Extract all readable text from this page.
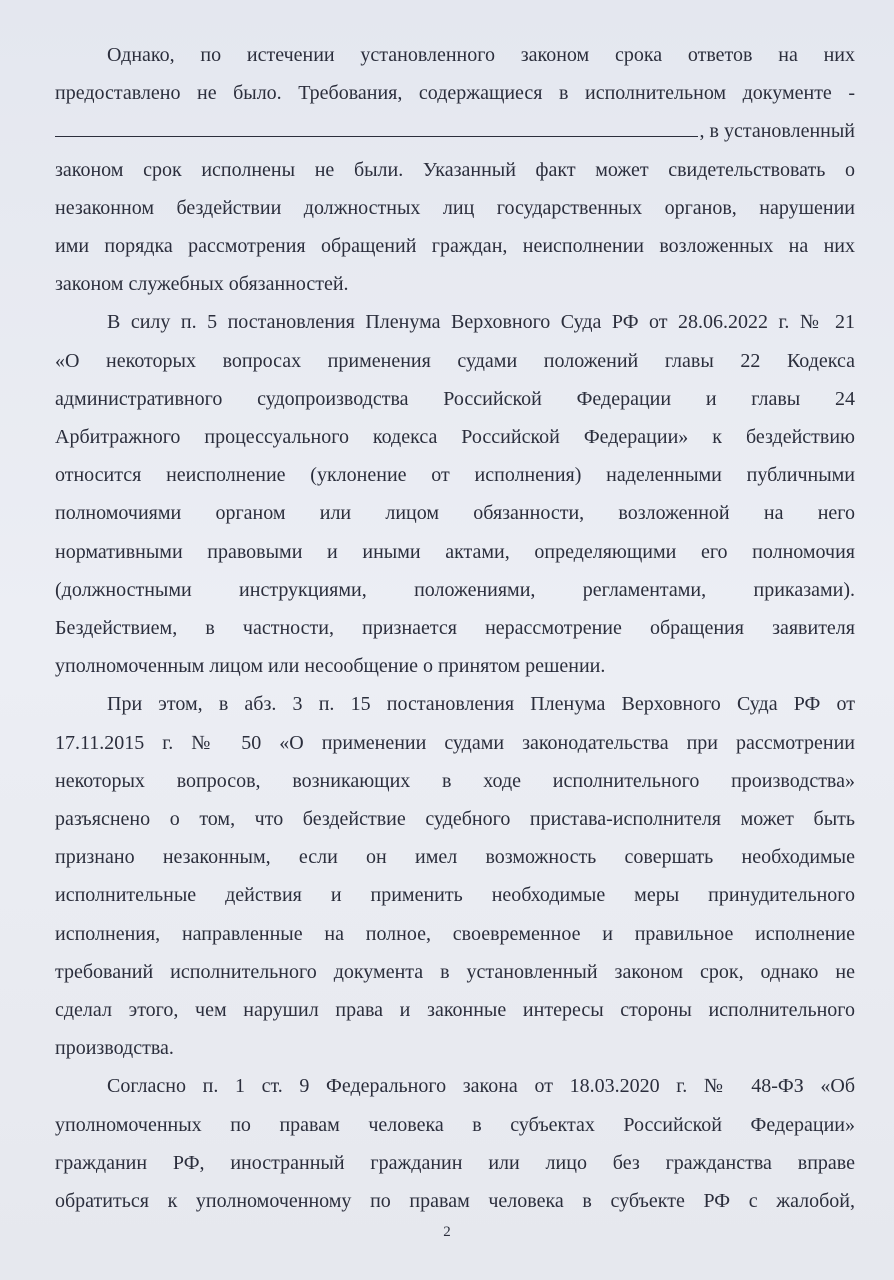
Однако, по истечении установленного законом срока ответов на них
предоставлено не было. Требования, содержащиеся в исполнительном документе -
, в установленный
законом срок исполнены не были. Указанный факт может свидетельствовать о
незаконном бездействии должностных лиц государственных органов, нарушении
ими порядка рассмотрения обращений граждан, неисполнении возложенных на них
законом служебных обязанностей.
В силу п. 5 постановления Пленума Верховного Суда РФ от 28.06.2022 г. № 21
«О некоторых вопросах применения судами положений главы 22 Кодекса
административного судопроизводства Российской Федерации и главы 24
Арбитражного процессуального кодекса Российской Федерации» к бездействию
относится неисполнение (уклонение от исполнения) наделенными публичными
полномочиями органом или лицом обязанности, возложенной на него
нормативными правовыми и иными актами, определяющими его полномочия
(должностными инструкциями, положениями, регламентами, приказами).
Бездействием, в частности, признается нерассмотрение обращения заявителя
уполномоченным лицом или несообщение о принятом решении.
При этом, в абз. 3 п. 15 постановления Пленума Верховного Суда РФ от
17.11.2015 г. № 50 «О применении судами законодательства при рассмотрении
некоторых вопросов, возникающих в ходе исполнительного производства»
разъяснено о том, что бездействие судебного пристава-исполнителя может быть
признано незаконным, если он имел возможность совершать необходимые
исполнительные действия и применить необходимые меры принудительного
исполнения, направленные на полное, своевременное и правильное исполнение
требований исполнительного документа в установленный законом срок, однако не
сделал этого, чем нарушил права и законные интересы стороны исполнительного
производства.
Согласно п. 1 ст. 9 Федерального закона от 18.03.2020 г. № 48-ФЗ «Об
уполномоченных по правам человека в субъектах Российской Федерации»
гражданин РФ, иностранный гражданин или лицо без гражданства вправе
обратиться к уполномоченному по правам человека в субъекте РФ с жалобой,
2
